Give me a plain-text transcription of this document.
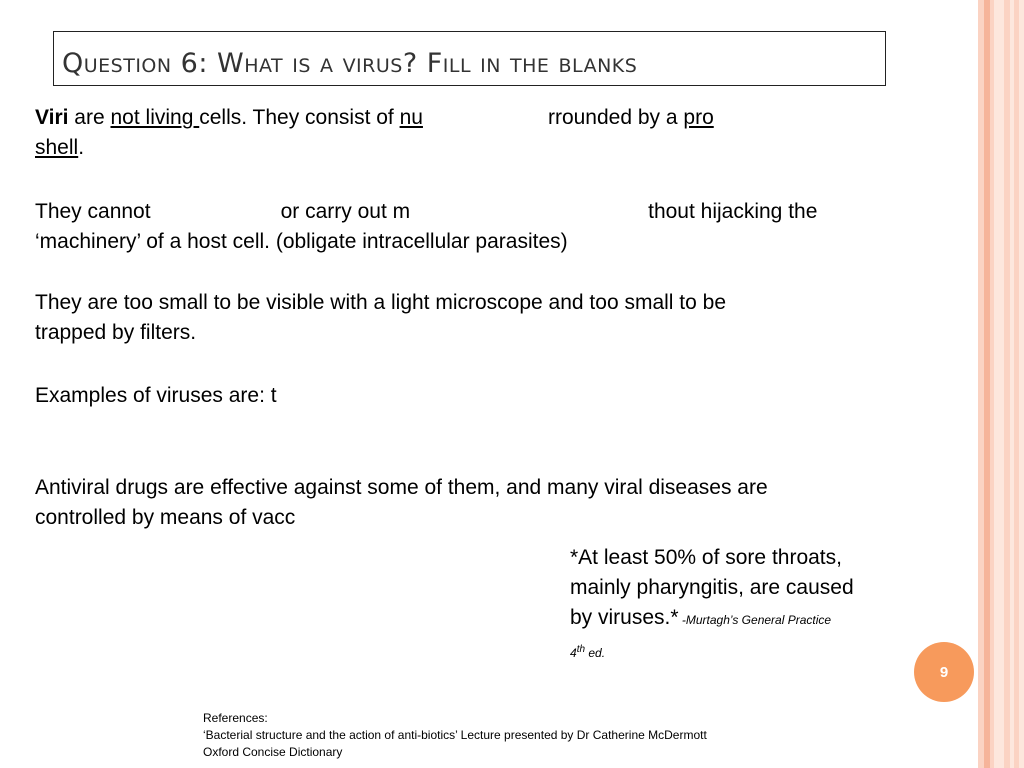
Question 6: What is a virus? Fill in the blanks

Viri are not living cells. They consist of nu	rrounded by a pro
shell.

They cannot	or carry out m	thout hijacking the
‘machinery’ of a host cell. (obligate intracellular parasites)

They are too small to be visible with a light microscope and too small to be
trapped by filters.

Examples of viruses are: t

Antiviral drugs are effective against some of them, and many viral diseases are
controlled by means of vacc

*At least 50% of sore throats, mainly pharyngitis, are caused by viruses.* -Murtagh’s General Practice
4th ed.
9
References:
‘Bacterial structure and the action of anti-biotics’ Lecture presented by Dr Catherine McDermott
Oxford Concise Dictionary
